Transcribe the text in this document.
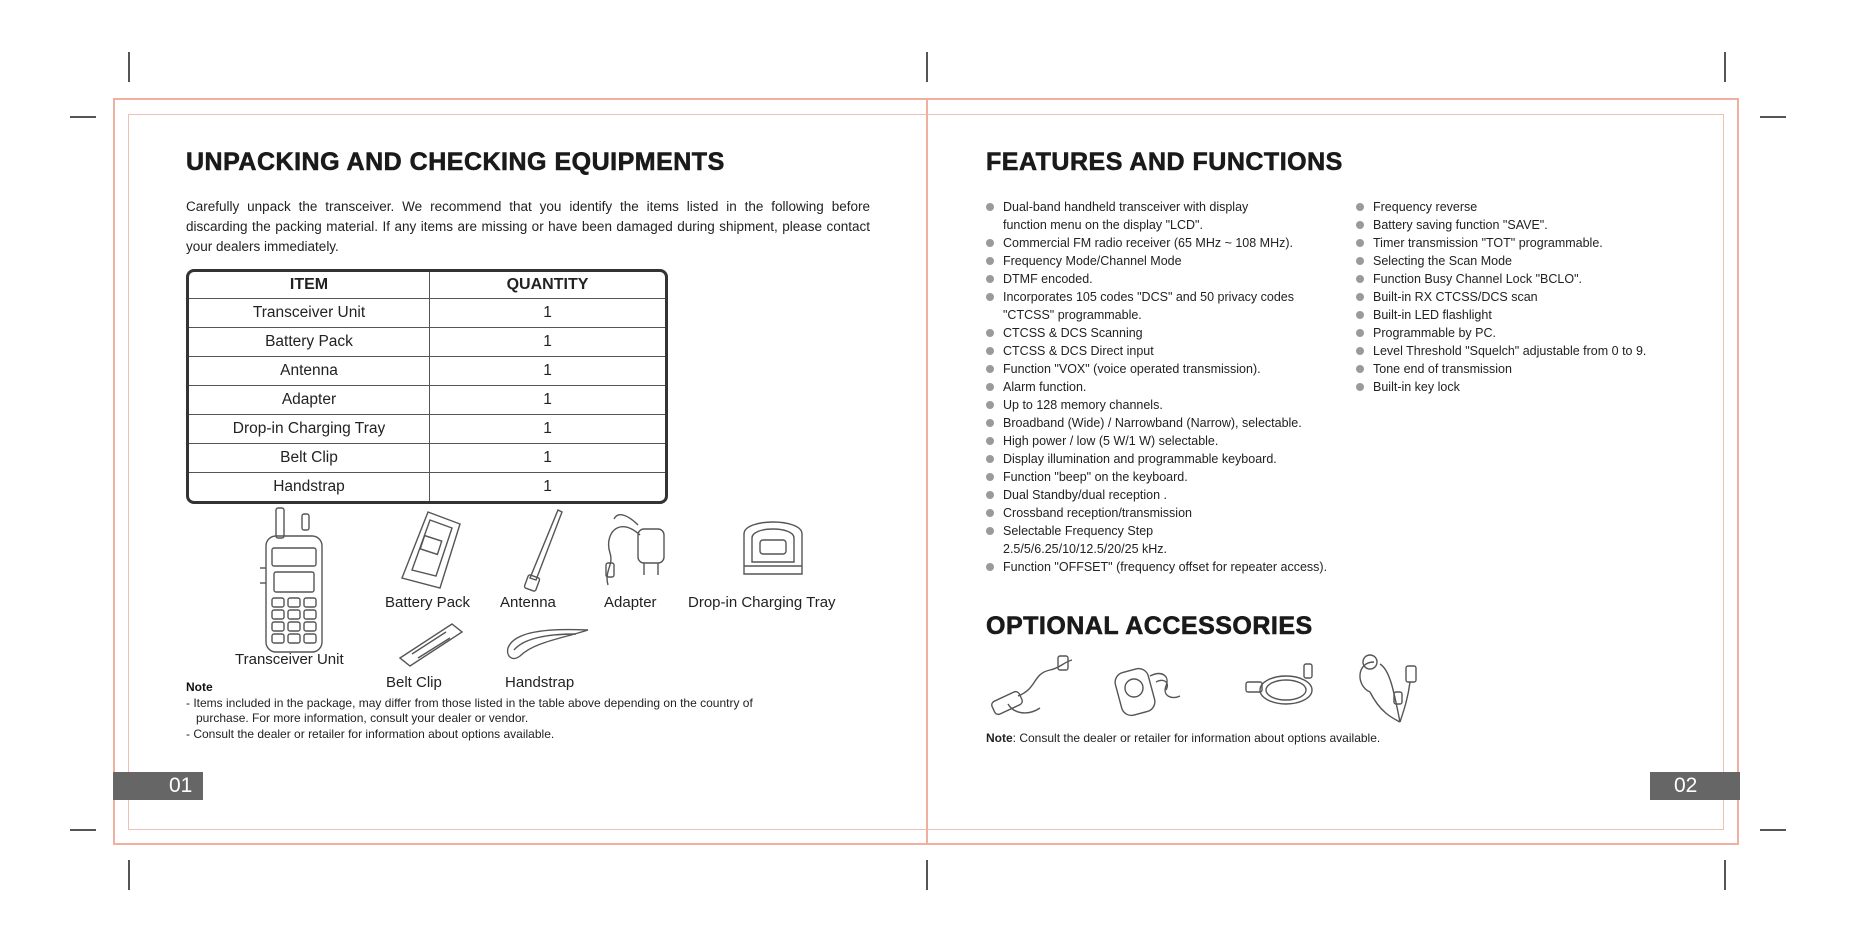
UNPACKING AND CHECKING EQUIPMENTS
Carefully unpack the transceiver. We recommend that you identify the items listed in the following before discarding the packing material. If any items are missing or have been damaged during shipment, please contact your dealers immediately.
ITEM	QUANTITY
Transceiver Unit	1
Battery Pack	1
Antenna	1
Adapter	1
Drop-in Charging Tray	1
Belt Clip	1
Handstrap	1
Transceiver Unit
Battery Pack Antenna	Adapter Drop-in Charging Tray
Belt Clip	Handstrap
Note
- Items included in the package, may differ from those listed in the table above depending on the country of
purchase. For more information, consult your dealer or vendor.
- Consult the dealer or retailer for information about options available.
01
FEATURES AND FUNCTIONS
Dual-band handheld transceiver with display
function menu on the display "LCD".
Commercial FM radio receiver (65 MHz ~ 108 MHz).
Frequency Mode/Channel Mode
DTMF encoded.
Incorporates 105 codes "DCS" and 50 privacy codes
"CTCSS" programmable.
CTCSS & DCS Scanning
CTCSS & DCS Direct input
Function "VOX" (voice operated transmission).
Alarm function.
Up to 128 memory channels.
Broadband (Wide) / Narrowband (Narrow), selectable.
High power / low (5 W/1 W) selectable.
Display illumination and programmable keyboard.
Function "beep" on the keyboard.
Dual Standby/dual reception .
Crossband reception/transmission
Selectable Frequency Step
2.5/5/6.25/10/12.5/20/25 kHz.
Function "OFFSET" (frequency offset for repeater access).
Frequency reverse
Battery saving function "SAVE".
Timer transmission "TOT" programmable.
Selecting the Scan Mode
Function Busy Channel Lock "BCLO".
Built-in RX CTCSS/DCS scan
Built-in LED flashlight
Programmable by PC.
Level Threshold "Squelch" adjustable from 0 to 9.
Tone end of transmission
Built-in key lock
OPTIONAL ACCESSORIES
Note: Consult the dealer or retailer for information about options available.
02
